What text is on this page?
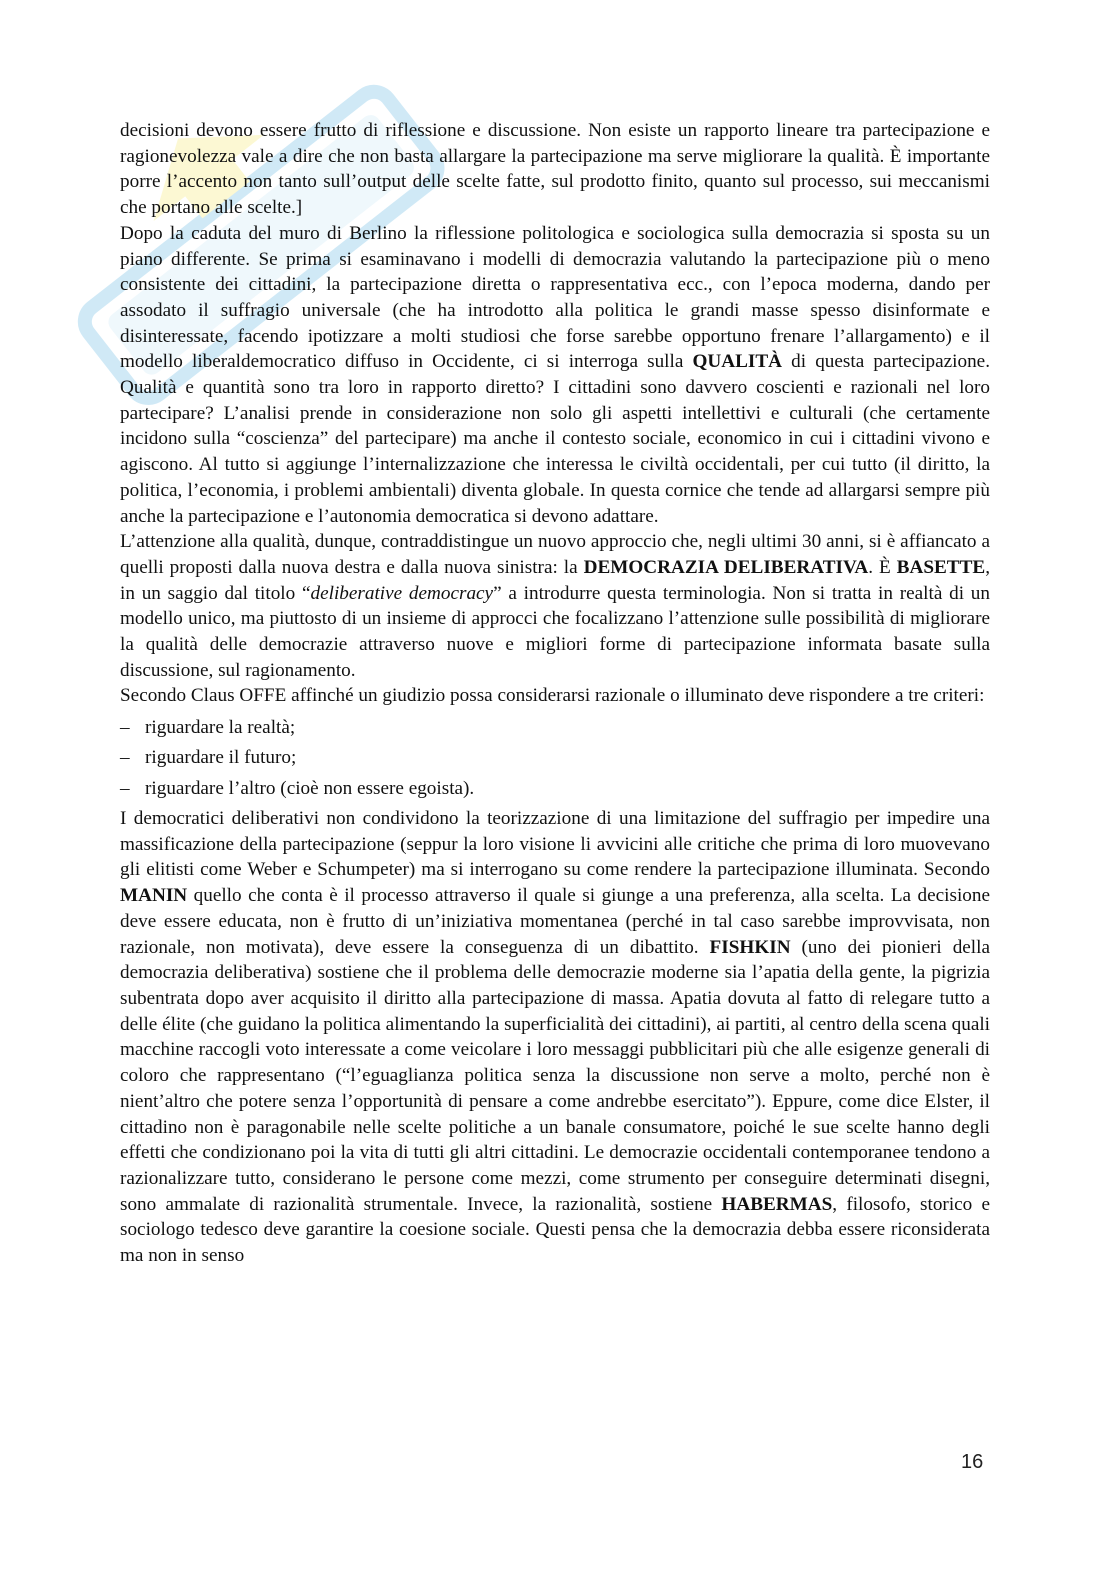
decisioni devono essere frutto di riflessione e discussione. Non esiste un rapporto lineare tra partecipazione e ragionevolezza vale a dire che non basta allargare la partecipazione ma serve migliorare la qualità. È importante porre l’accento non tanto sull’output delle scelte fatte, sul prodotto finito, quanto sul processo, sui meccanismi che portano alle scelte.]

Dopo la caduta del muro di Berlino la riflessione politologica e sociologica sulla democrazia si sposta su un piano differente. Se prima si esaminavano i modelli di democrazia valutando la partecipazione più o meno consistente dei cittadini, la partecipazione diretta o rappresentativa ecc., con l’epoca moderna, dando per assodato il suffragio universale (che ha introdotto alla politica le grandi masse spesso disinformate e disinteressate, facendo ipotizzare a molti studiosi che forse sarebbe opportuno frenare l’allargamento) e il modello liberaldemocratico diffuso in Occidente, ci si interroga sulla QUALITÀ di questa partecipazione. Qualità e quantità sono tra loro in rapporto diretto? I cittadini sono davvero coscienti e razionali nel loro partecipare? L’analisi prende in considerazione non solo gli aspetti intellettivi e culturali (che certamente incidono sulla “coscienza” del partecipare) ma anche il contesto sociale, economico in cui i cittadini vivono e agiscono. Al tutto si aggiunge l’internalizzazione che interessa le civiltà occidentali, per cui tutto (il diritto, la politica, l’economia, i problemi ambientali) diventa globale. In questa cornice che tende ad allargarsi sempre più anche la partecipazione e l’autonomia democratica si devono adattare.

L’attenzione alla qualità, dunque, contraddistingue un nuovo approccio che, negli ultimi 30 anni, si è affiancato a quelli proposti dalla nuova destra e dalla nuova sinistra: la DEMOCRAZIA DELIBERATIVA. È BASETTE, in un saggio dal titolo “deliberative democracy” a introdurre questa terminologia. Non si tratta in realtà di un modello unico, ma piuttosto di un insieme di approcci che focalizzano l’attenzione sulle possibilità di migliorare la qualità delle democrazie attraverso nuove e migliori forme di partecipazione informata basate sulla discussione, sul ragionamento.

Secondo Claus OFFE affinché un giudizio possa considerarsi razionale o illuminato deve rispondere a tre criteri:

– riguardare la realtà;
– riguardare il futuro;
– riguardare l’altro (cioè non essere egoista).

I democratici deliberativi non condividono la teorizzazione di una limitazione del suffragio per impedire una massificazione della partecipazione (seppur la loro visione li avvicini alle critiche che prima di loro muovevano gli elitisti come Weber e Schumpeter) ma si interrogano su come rendere la partecipazione illuminata. Secondo MANIN quello che conta è il processo attraverso il quale si giunge a una preferenza, alla scelta. La decisione deve essere educata, non è frutto di un’iniziativa momentanea (perché in tal caso sarebbe improvvisata, non razionale, non motivata), deve essere la conseguenza di un dibattito. FISHKIN (uno dei pionieri della democrazia deliberativa) sostiene che il problema delle democrazie moderne sia l’apatia della gente, la pigrizia subentrata dopo aver acquisito il diritto alla partecipazione di massa. Apatia dovuta al fatto di relegare tutto a delle élite (che guidano la politica alimentando la superficialità dei cittadini), ai partiti, al centro della scena quali macchine raccogli voto interessate a come veicolare i loro messaggi pubblicitari più che alle esigenze generali di coloro che rappresentano (“l’eguaglianza politica senza la discussione non serve a molto, perché non è nient’altro che potere senza l’opportunità di pensare a come andrebbe esercitato”). Eppure, come dice Elster, il cittadino non è paragonabile nelle scelte politiche a un banale consumatore, poiché le sue scelte hanno degli effetti che condizionano poi la vita di tutti gli altri cittadini. Le democrazie occidentali contemporanee tendono a razionalizzare tutto, considerano le persone come mezzi, come strumento per conseguire determinati disegni, sono ammalate di razionalità strumentale. Invece, la razionalità, sostiene HABERMAS, filosofo, storico e sociologo tedesco deve garantire la coesione sociale. Questi pensa che la democrazia debba essere riconsiderata ma non in senso

16
